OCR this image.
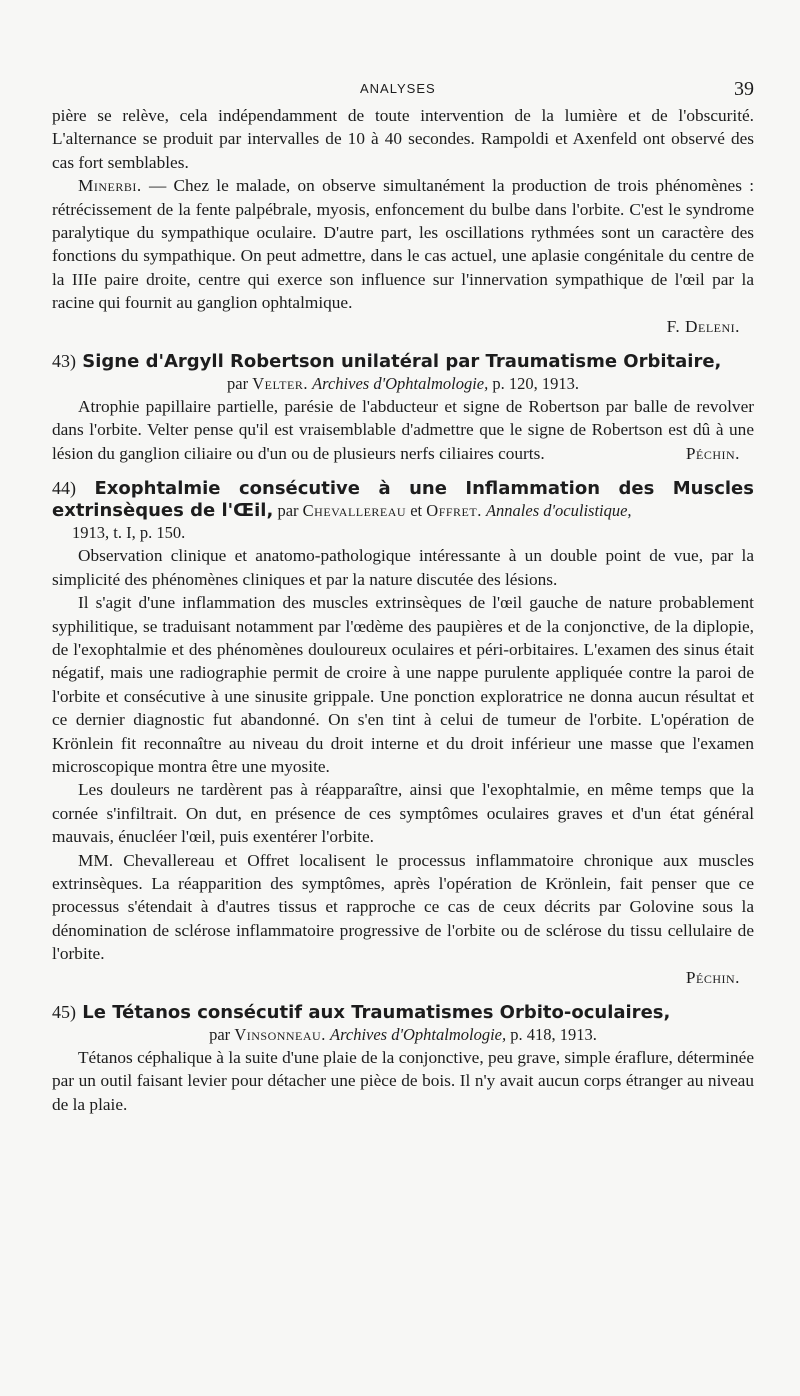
ANALYSES	39

pière se relève, cela indépendamment de toute intervention de la lumière et de l'obscurité. L'alternance se produit par intervalles de 10 à 40 secondes. Rampoldi et Axenfeld ont observé des cas fort semblables.

Minerbi. — Chez le malade, on observe simultanément la production de trois phénomènes : rétrécissement de la fente palpébrale, myosis, enfoncement du bulbe dans l'orbite. C'est le syndrome paralytique du sympathique oculaire. D'autre part, les oscillations rythmées sont un caractère des fonctions du sympathique. On peut admettre, dans le cas actuel, une aplasie congénitale du centre de la IIIe paire droite, centre qui exerce son influence sur l'innervation sympathique de l'œil par la racine qui fournit au ganglion ophtalmique.

F. Deleni.

43) Signe d'Argyll Robertson unilatéral par Traumatisme Orbitaire,

par Velter. Archives d'Ophtalmologie, p. 120, 1913.

Atrophie papillaire partielle, parésie de l'abducteur et signe de Robertson par balle de revolver dans l'orbite. Velter pense qu'il est vraisemblable d'admettre que le signe de Robertson est dû à une lésion du ganglion ciliaire ou d'un ou de plusieurs nerfs ciliaires courts.	Péchin.

44) Exophtalmie consécutive à une Inflammation des Muscles extrinsèques de l'Œil, par Chevallereau et Offret. Annales d'oculistique,

1913, t. I, p. 150.

Observation clinique et anatomo-pathologique intéressante à un double point de vue, par la simplicité des phénomènes cliniques et par la nature discutée des lésions.

Il s'agit d'une inflammation des muscles extrinsèques de l'œil gauche de nature probablement syphilitique, se traduisant notamment par l'œdème des paupières et de la conjonctive, de la diplopie, de l'exophtalmie et des phénomènes douloureux oculaires et péri-orbitaires. L'examen des sinus était négatif, mais une radiographie permit de croire à une nappe purulente appliquée contre la paroi de l'orbite et consécutive à une sinusite grippale. Une ponction exploratrice ne donna aucun résultat et ce dernier diagnostic fut abandonné. On s'en tint à celui de tumeur de l'orbite. L'opération de Krönlein fit reconnaître au niveau du droit interne et du droit inférieur une masse que l'examen microscopique montra être une myosite.

Les douleurs ne tardèrent pas à réapparaître, ainsi que l'exophtalmie, en même temps que la cornée s'infiltrait. On dut, en présence de ces symptômes oculaires graves et d'un état général mauvais, énucléer l'œil, puis exentérer l'orbite.

MM. Chevallereau et Offret localisent le processus inflammatoire chronique aux muscles extrinsèques. La réapparition des symptômes, après l'opération de Krönlein, fait penser que ce processus s'étendait à d'autres tissus et rapproche ce cas de ceux décrits par Golovine sous la dénomination de sclérose inflammatoire progressive de l'orbite ou de sclérose du tissu cellulaire de l'orbite.

Péchin.

45) Le Tétanos consécutif aux Traumatismes Orbito-oculaires,

par Vinsonneau. Archives d'Ophtalmologie, p. 418, 1913.

Tétanos céphalique à la suite d'une plaie de la conjonctive, peu grave, simple éraflure, déterminée par un outil faisant levier pour détacher une pièce de bois. Il n'y avait aucun corps étranger au niveau de la plaie.
